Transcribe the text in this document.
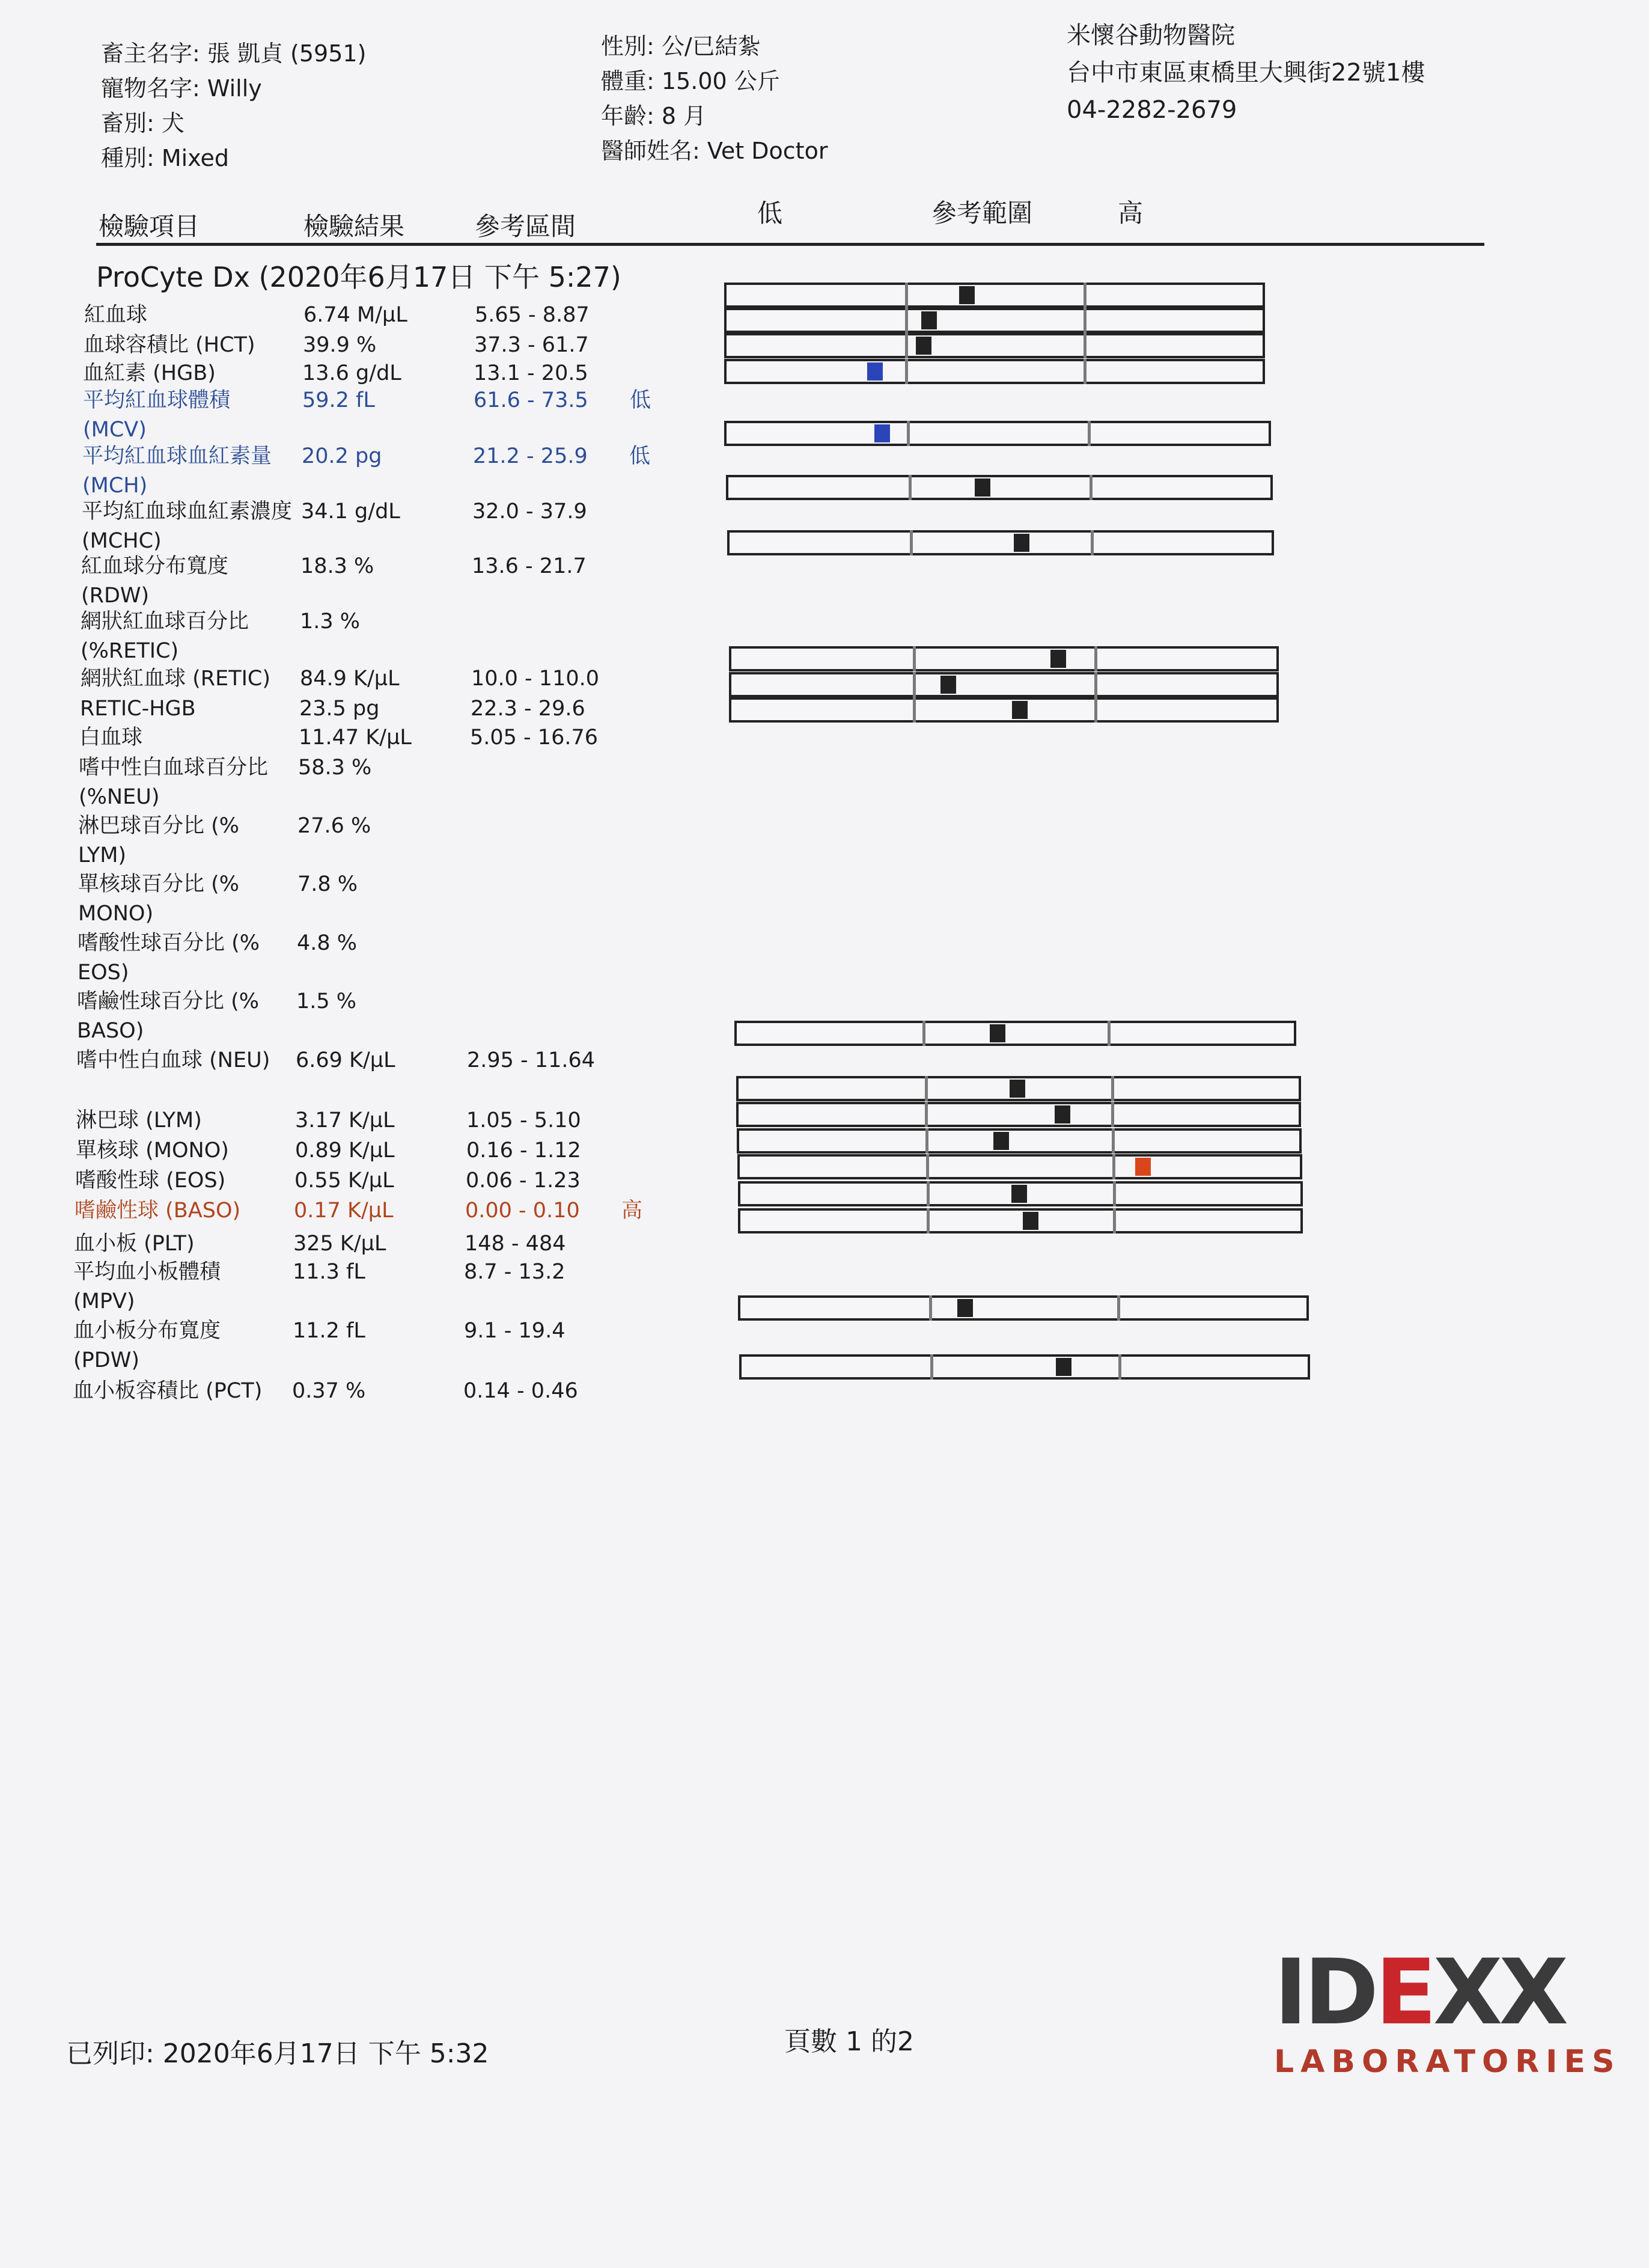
畜主名字: 張 凱貞 (5951)
寵物名字: Willy
畜別: 犬
種別: Mixed
性別: 公/已結紮
體重: 15.00 公斤
年齡: 8 月
醫師姓名: Vet Doctor
米懷谷動物醫院
台中市東區東橋里大興街22號1樓
04-2282-2679
檢驗項目	檢驗結果	參考區間	低	參考範圍	高
ProCyte Dx (2020年6月17日 下午 5:27)
紅血球	6.74 M/µL	5.65 - 8.87
血球容積比 (HCT)	39.9 %	37.3 - 61.7
血紅素 (HGB)	13.6 g/dL	13.1 - 20.5
平均紅血球體積 (MCV)
59.2 fL	61.6 - 73.5 低
平均紅血球血紅素量 (MCH)
20.2 pg	21.2 - 25.9 低
平均紅血球血紅素濃度 (MCHC)
34.1 g/dL	32.0 - 37.9
紅血球分布寬度 (RDW)
18.3 %	13.6 - 21.7
網狀紅血球百分比 (%RETIC)
1.3 %
網狀紅血球 (RETIC)	84.9 K/µL	10.0 - 110.0
RETIC-HGB	23.5 pg	22.3 - 29.6
白血球	11.47 K/µL	5.05 - 16.76
嗜中性白血球百分比 (%NEU)
58.3 %
淋巴球百分比 (% LYM)
27.6 %
單核球百分比 (% MONO)
7.8 %
嗜酸性球百分比 (% EOS)
4.8 %
嗜鹼性球百分比 (% BASO)
1.5 %
嗜中性白血球 (NEU)	6.69 K/µL	2.95 - 11.64
淋巴球 (LYM)	3.17 K/µL	1.05 - 5.10
單核球 (MONO)	0.89 K/µL	0.16 - 1.12
嗜酸性球 (EOS)	0.55 K/µL	0.06 - 1.23
嗜鹼性球 (BASO)	0.17 K/µL	0.00 - 0.10 高
血小板 (PLT)	325 K/µL	148 - 484
平均血小板體積 (MPV)
11.3 fL	8.7 - 13.2
血小板分布寬度 (PDW)
11.2 fL	9.1 - 19.4
血小板容積比 (PCT)	0.37 %	0.14 - 0.46
IDEXX
LABORATORIES
已列印: 2020年6月17日 下午 5:32	頁數 1 的2
